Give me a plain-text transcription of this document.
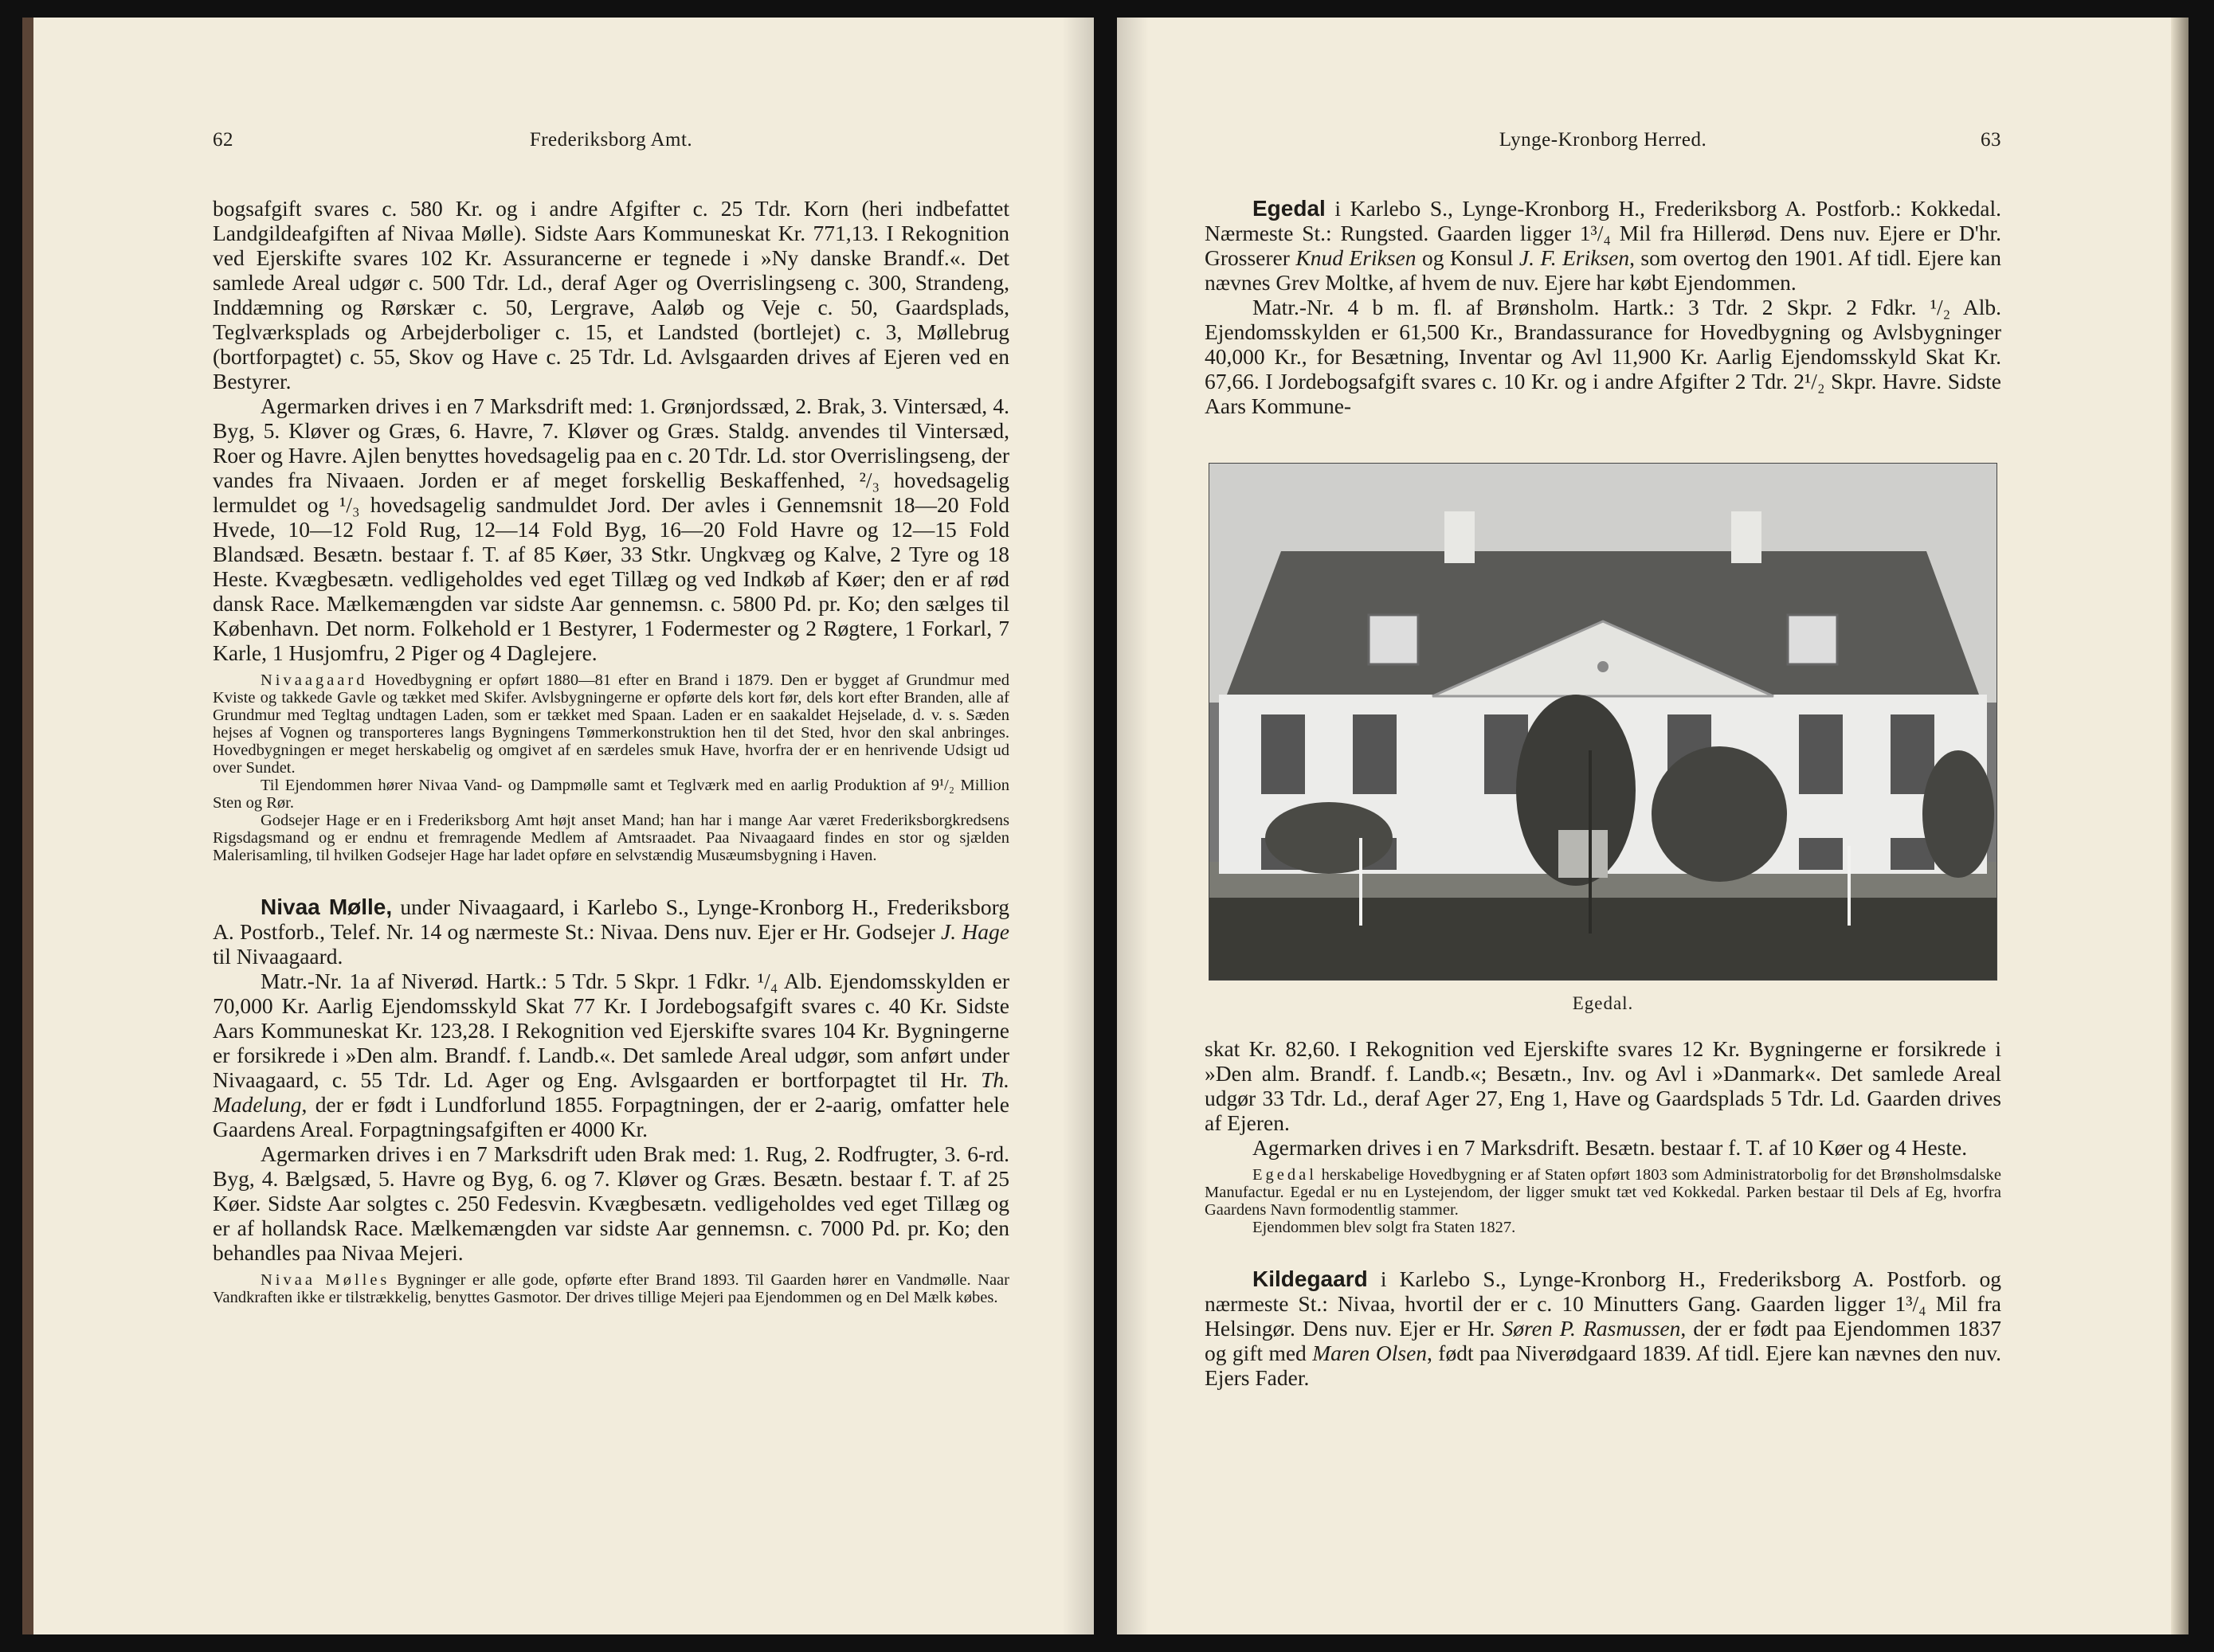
62	Frederiksborg Amt.

bogsafgift svares c. 580 Kr. og i andre Afgifter c. 25 Tdr. Korn (heri indbefattet Landgildeafgiften af Nivaa Mølle). Sidste Aars Kommuneskat Kr. 771,13. I Rekognition ved Ejerskifte svares 102 Kr. Assurancerne er tegnede i »Ny danske Brandf.«. Det samlede Areal udgør c. 500 Tdr. Ld., deraf Ager og Overrislingseng c. 300, Strandeng, Inddæmning og Rørskær c. 50, Lergrave, Aaløb og Veje c. 50, Gaardsplads, Teglværksplads og Arbejderboliger c. 15, et Landsted (bortlejet) c. 3, Møllebrug (bortforpagtet) c. 55, Skov og Have c. 25 Tdr. Ld. Avlsgaarden drives af Ejeren ved en Bestyrer.

Agermarken drives i en 7 Marksdrift med: 1. Grønjordssæd, 2. Brak, 3. Vintersæd, 4. Byg, 5. Kløver og Græs, 6. Havre, 7. Kløver og Græs. Staldg. anvendes til Vintersæd, Roer og Havre. Ajlen benyttes hovedsagelig paa en c. 20 Tdr. Ld. stor Overrislingseng, der vandes fra Nivaaen. Jorden er af meget forskellig Beskaffenhed, ²/₃ hovedsagelig lermuldet og ¹/₃ hovedsagelig sandmuldet Jord. Der avles i Gennemsnit 18—20 Fold Hvede, 10—12 Fold Rug, 12—14 Fold Byg, 16—20 Fold Havre og 12—15 Fold Blandsæd. Besætn. bestaar f. T. af 85 Køer, 33 Stkr. Ungkvæg og Kalve, 2 Tyre og 18 Heste. Kvægbesætn. vedligeholdes ved eget Tillæg og ved Indkøb af Køer; den er af rød dansk Race. Mælkemængden var sidste Aar gennemsn. c. 5800 Pd. pr. Ko; den sælges til København. Det norm. Folkehold er 1 Bestyrer, 1 Fodermester og 2 Røgtere, 1 Forkarl, 7 Karle, 1 Husjomfru, 2 Piger og 4 Daglejere.

Nivaagaard Hovedbygning er opført 1880—81 efter en Brand i 1879. Den er bygget af Grundmur med Kviste og takkede Gavle og tækket med Skifer. Avlsbygningerne er opførte dels kort før, dels kort efter Branden, alle af Grundmur med Tegltag undtagen Laden, som er tækket med Spaan. Laden er en saakaldet Hejselade, d. v. s. Sæden hejses af Vognen og transporteres langs Bygningens Tømmerkonstruktion hen til det Sted, hvor den skal anbringes. Hovedbygningen er meget herskabelig og omgivet af en særdeles smuk Have, hvorfra der er en henrivende Udsigt ud over Sundet.

Til Ejendommen hører Nivaa Vand- og Dampmølle samt et Teglværk med en aarlig Produktion af 9¹/₂ Million Sten og Rør.

Godsejer Hage er en i Frederiksborg Amt højt anset Mand; han har i mange Aar været Frederiksborgkredsens Rigsdagsmand og er endnu et fremragende Medlem af Amtsraadet. Paa Nivaagaard findes en stor og sjælden Malerisamling, til hvilken Godsejer Hage har ladet opføre en selvstændig Musæumsbygning i Haven.

Nivaa Mølle, under Nivaagaard, i Karlebo S., Lynge-Kronborg H., Frederiksborg A. Postforb., Telef. Nr. 14 og nærmeste St.: Nivaa. Dens nuv. Ejer er Hr. Godsejer J. Hage til Nivaagaard.

Matr.-Nr. 1a af Niverød. Hartk.: 5 Tdr. 5 Skpr. 1 Fdkr. ¹/₄ Alb. Ejendomsskylden er 70,000 Kr. Aarlig Ejendomsskyld Skat 77 Kr. I Jordebogsafgift svares c. 40 Kr. Sidste Aars Kommuneskat Kr. 123,28. I Rekognition ved Ejerskifte svares 104 Kr. Bygningerne er forsikrede i »Den alm. Brandf. f. Landb.«. Det samlede Areal udgør, som anført under Nivaagaard, c. 55 Tdr. Ld. Ager og Eng. Avlsgaarden er bortforpagtet til Hr. Th. Madelung, der er født i Lundforlund 1855. Forpagtningen, der er 2-aarig, omfatter hele Gaardens Areal. Forpagtningsafgiften er 4000 Kr.

Agermarken drives i en 7 Marksdrift uden Brak med: 1. Rug, 2. Rodfrugter, 3. 6-rd. Byg, 4. Bælgsæd, 5. Havre og Byg, 6. og 7. Kløver og Græs. Besætn. bestaar f. T. af 25 Køer. Sidste Aar solgtes c. 250 Fedesvin. Kvægbesætn. vedligeholdes ved eget Tillæg og er af hollandsk Race. Mælkemængden var sidste Aar gennemsn. c. 7000 Pd. pr. Ko; den behandles paa Nivaa Mejeri.

Nivaa Mølles Bygninger er alle gode, opførte efter Brand 1893. Til Gaarden hører en Vandmølle. Naar Vandkraften ikke er tilstrækkelig, benyttes Gasmotor. Der drives tillige Mejeri paa Ejendommen og en Del Mælk købes.

Lynge-Kronborg Herred.	63

Egedal i Karlebo S., Lynge-Kronborg H., Frederiksborg A. Postforb.: Kokkedal. Nærmeste St.: Rungsted. Gaarden ligger 1³/₄ Mil fra Hillerød. Dens nuv. Ejere er D'hr. Grosserer Knud Eriksen og Konsul J. F. Eriksen, som overtog den 1901. Af tidl. Ejere kan nævnes Grev Moltke, af hvem de nuv. Ejere har købt Ejendommen.

Matr.-Nr. 4 b m. fl. af Brønsholm. Hartk.: 3 Tdr. 2 Skpr. 2 Fdkr. ¹/₂ Alb. Ejendomsskylden er 61,500 Kr., Brandassurance for Hovedbygning og Avlsbygninger 40,000 Kr., for Besætning, Inventar og Avl 11,900 Kr. Aarlig Ejendomsskyld Skat Kr. 67,66. I Jordebogsafgift svares c. 10 Kr. og i andre Afgifter 2 Tdr. 2¹/₂ Skpr. Havre. Sidste Aars Kommune-

Egedal.

skat Kr. 82,60. I Rekognition ved Ejerskifte svares 12 Kr. Bygningerne er forsikrede i »Den alm. Brandf. f. Landb.«; Besætn., Inv. og Avl i »Danmark«. Det samlede Areal udgør 33 Tdr. Ld., deraf Ager 27, Eng 1, Have og Gaardsplads 5 Tdr. Ld. Gaarden drives af Ejeren.

Agermarken drives i en 7 Marksdrift. Besætn. bestaar f. T. af 10 Køer og 4 Heste.

Egedal herskabelige Hovedbygning er af Staten opført 1803 som Administratorbolig for det Brønsholmsdalske Manufactur. Egedal er nu en Lystejendom, der ligger smukt tæt ved Kokkedal. Parken bestaar til Dels af Eg, hvorfra Gaardens Navn formodentlig stammer.

Ejendommen blev solgt fra Staten 1827.

Kildegaard i Karlebo S., Lynge-Kronborg H., Frederiksborg A. Postforb. og nærmeste St.: Nivaa, hvortil der er c. 10 Minutters Gang. Gaarden ligger 1³/₄ Mil fra Helsingør. Dens nuv. Ejer er Hr. Søren P. Rasmussen, der er født paa Ejendommen 1837 og gift med Maren Olsen, født paa Niverødgaard 1839. Af tidl. Ejere kan nævnes den nuv. Ejers Fader.
